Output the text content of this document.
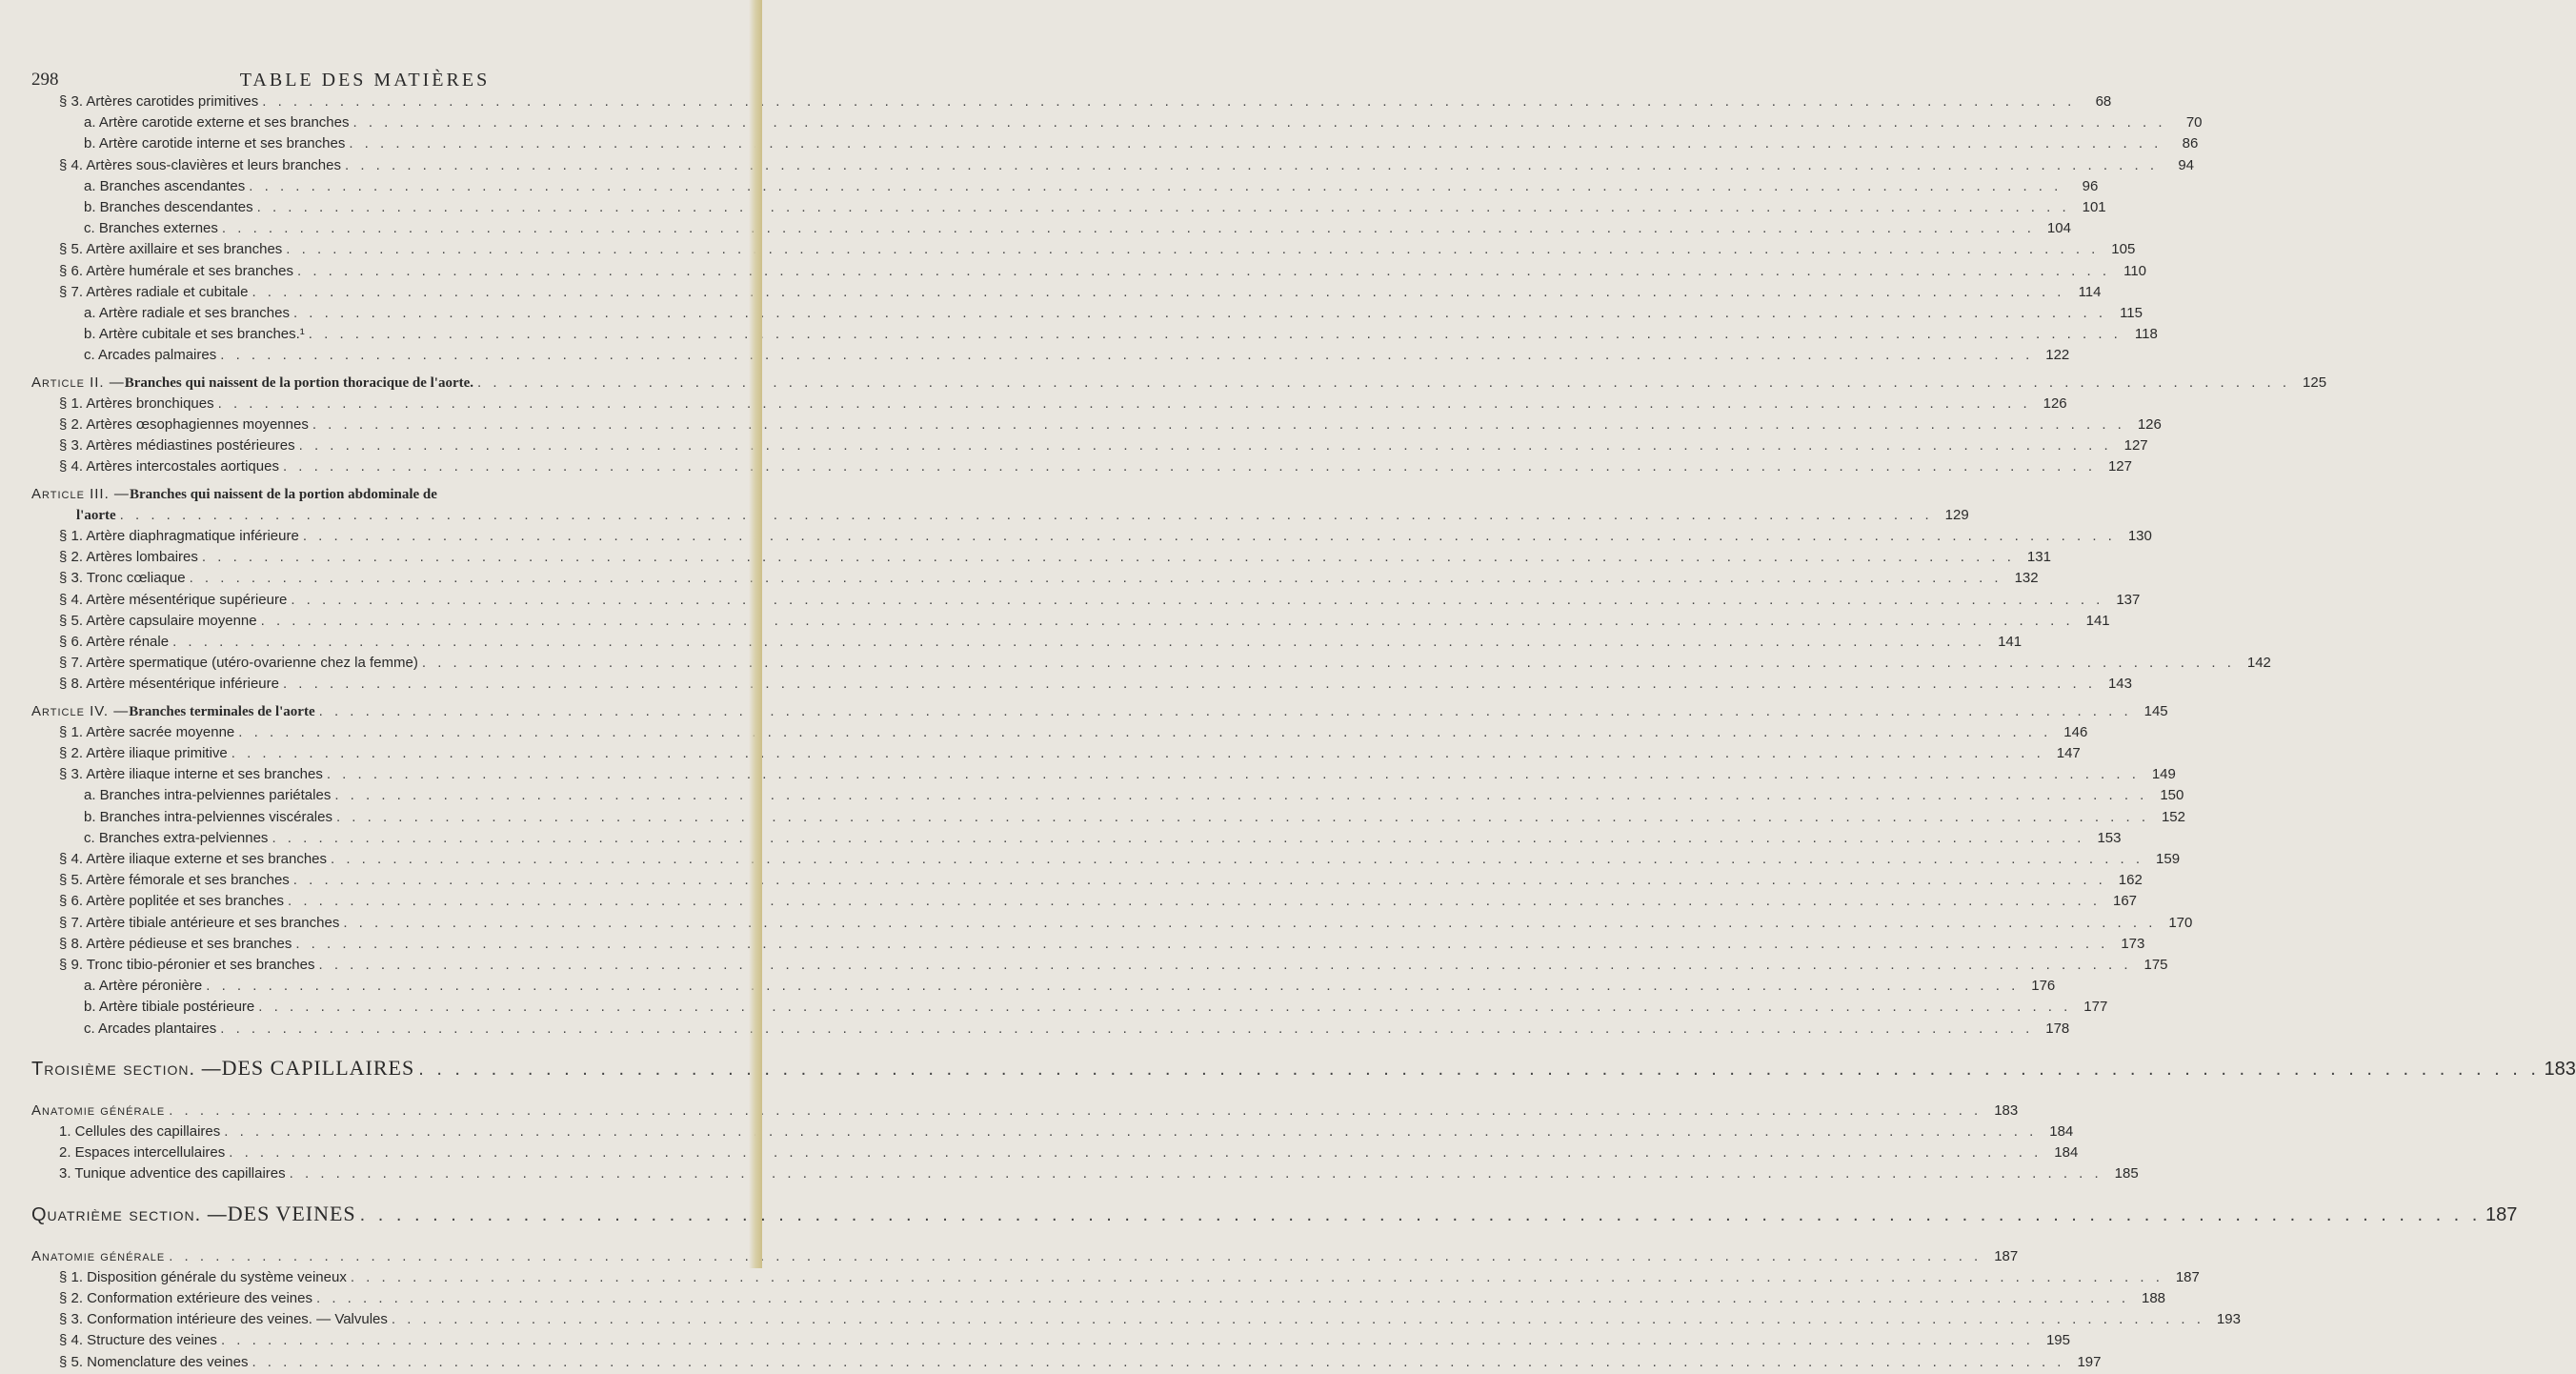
298	TABLE DES MATIÈRES
§ 3. Artères carotides primitives . . .	68
a. Artère carotide externe et ses branches . . .	70
b. Artère carotide interne et ses branches . . .	86
§ 4. Artères sous-clavières et leurs branches . . .	94
a. Branches ascendantes . . .	96
b. Branches descendantes . . .	101
c. Branches externes . . .	104
§ 5. Artère axillaire et ses branches . . .	105
§ 6. Artère humérale et ses branches . . .	110
§ 7. Artères radiale et cubitale . . .	114
a. Artère radiale et ses branches . . .	115
b. Artère cubitale et ses branches.¹ . . .	118
c. Arcades palmaires . . .	122
Article II. — Branches qui naissent de la portion thoracique de l'aorte. . . .	125
§ 1. Artères bronchiques . . .	126
§ 2. Artères œsophagiennes moyennes . . .	126
§ 3. Artères médiastines postérieures . . .	127
§ 4. Artères intercostales aortiques . . .	127
Article III. — Branches qui naissent de la portion abdominale de
l'aorte . . .	129
§ 1. Artère diaphragmatique inférieure . . .	130
§ 2. Artères lombaires . . .	131
§ 3. Tronc cœliaque . . .	132
§ 4. Artère mésentérique supérieure . . .	137
§ 5. Artère capsulaire moyenne . . .	141
§ 6. Artère rénale . . .	141
§ 7. Artère spermatique (utéro-ovarienne chez la femme) . . .	142
§ 8. Artère mésentérique inférieure . . .	143
Article IV. — Branches terminales de l'aorte . . .	145
§ 1. Artère sacrée moyenne . . .	146
§ 2. Artère iliaque primitive . . .	147
§ 3. Artère iliaque interne et ses branches . . .	149
a. Branches intra-pelviennes pariétales . . .	150
b. Branches intra-pelviennes viscérales . . .	152
c. Branches extra-pelviennes . . .	153
§ 4. Artère iliaque externe et ses branches . . .	159
§ 5. Artère fémorale et ses branches . . .	162
§ 6. Artère poplitée et ses branches . . .	167
§ 7. Artère tibiale antérieure et ses branches . . .	170
§ 8. Artère pédieuse et ses branches . . .	173
§ 9. Tronc tibio-péronier et ses branches . . .	175
a. Artère péronière . . .	176
b. Artère tibiale postérieure . . .	177
c. Arcades plantaires . . .	178
Troisième section. — DES CAPILLAIRES . . .	183
Anatomie générale . . .	183
1. Cellules des capillaires . . .	184
2. Espaces intercellulaires . . .	184
3. Tunique adventice des capillaires . . .	185
Quatrième section. — DES VEINES . . .	187
Anatomie générale . . .	187
§ 1. Disposition générale du système veineux . . .	187
§ 2. Conformation extérieure des veines . . .	188
§ 3. Conformation intérieure des veines. — Valvules . . .	193
§ 4. Structure des veines . . .	195
§ 5. Nomenclature des veines . . .	197
